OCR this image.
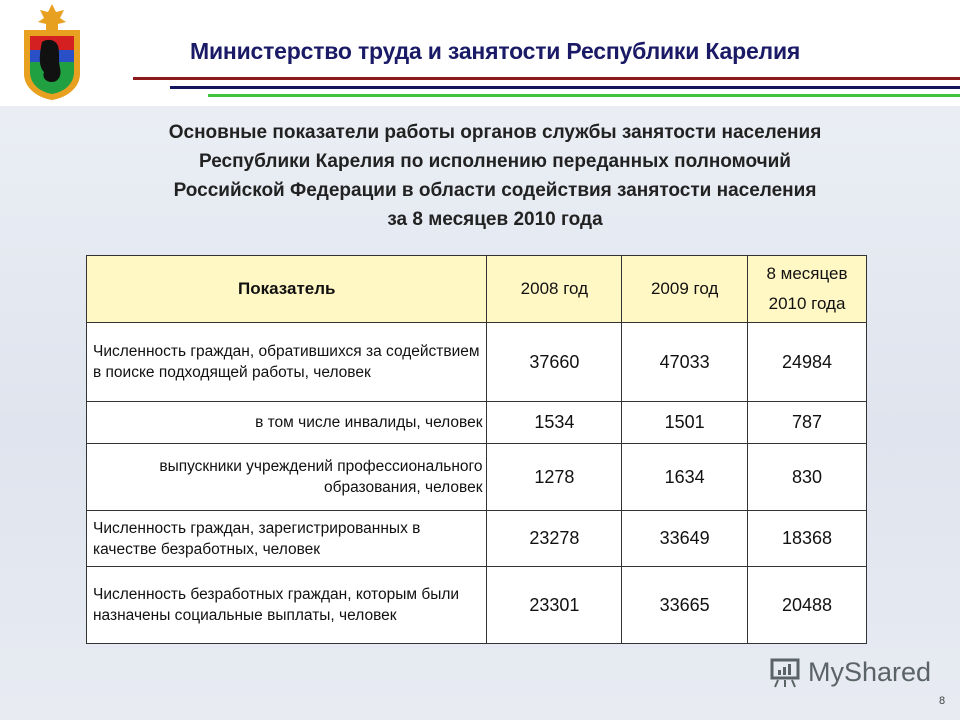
Министерство труда и занятости Республики Карелия
Основные показатели работы органов службы занятости населения
Республики Карелия по исполнению переданных полномочий
Российской Федерации в области содействия занятости населения
за 8 месяцев 2010 года
Показатель	2008 год	2009 год	8 месяцев 2010 года
Численность граждан, обратившихся за содействием в поиске подходящей работы, человек	37660	47033	24984
в том числе инвалиды, человек	1534	1501	787
выпускники учреждений профессионального образования, человек	1278	1634	830
Численность граждан, зарегистрированных в качестве безработных, человек	23278	33649	18368
Численность безработных граждан, которым были назначены социальные выплаты, человек	23301	33665	20488
MyShared
8
